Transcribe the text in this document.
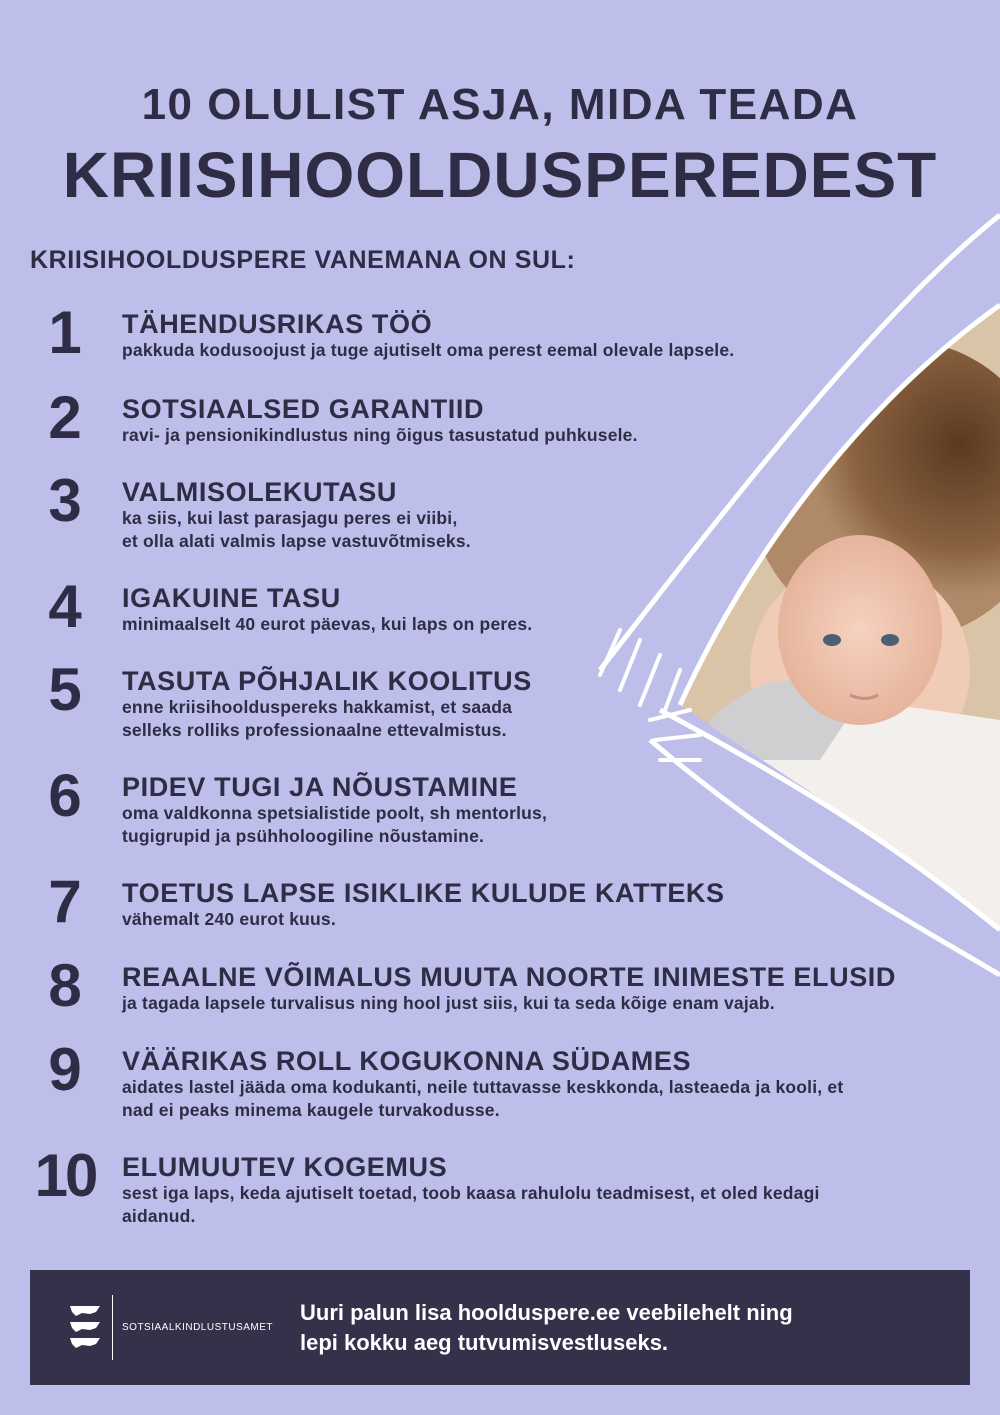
10 OLULIST ASJA, MIDA TEADA
KRIISIHOOLDUSPEREDEST
KRIISIHOOLDUSPERE VANEMANA ON SUL:
1	TÄHENDUSRIKAS TÖÖ
pakkuda kodusoojust ja tuge ajutiselt oma perest eemal olevale lapsele.
2	SOTSIAALSED GARANTIID
ravi- ja pensionikindlustus ning õigus tasustatud puhkusele.
3	VALMISOLEKUTASU
ka siis, kui last parasjagu peres ei viibi,
et olla alati valmis lapse vastuvõtmiseks.
4	IGAKUINE TASU
minimaalselt 40 eurot päevas, kui laps on peres.
5	TASUTA PÕHJALIK KOOLITUS
enne kriisihoolduspereks hakkamist, et saada
selleks rolliks professionaalne ettevalmistus.
6	PIDEV TUGI JA NÕUSTAMINE
oma valdkonna spetsialistide poolt, sh mentorlus,
tugigrupid ja psühholoogiline nõustamine.
7	TOETUS LAPSE ISIKLIKE KULUDE KATTEKS
vähemalt 240 eurot kuus.
8	REAALNE VÕIMALUS MUUTA NOORTE INIMESTE ELUSID
ja tagada lapsele turvalisus ning hool just siis, kui ta seda kõige enam vajab.
9	VÄÄRIKAS ROLL KOGUKONNA SÜDAMES
aidates lastel jääda oma kodukanti, neile tuttavasse keskkonda, lasteaeda ja kooli, et
nad ei peaks minema kaugele turvakodusse.
10 ELUMUUTEV KOGEMUS
sest iga laps, keda ajutiselt toetad, toob kaasa rahulolu teadmisest, et oled kedagi
aidanud.
SOTSIAALKINDLUSTUSAMET
Uuri palun lisa hoolduspere.ee veebilehelt ning
lepi kokku aeg tutvumisvestluseks.
